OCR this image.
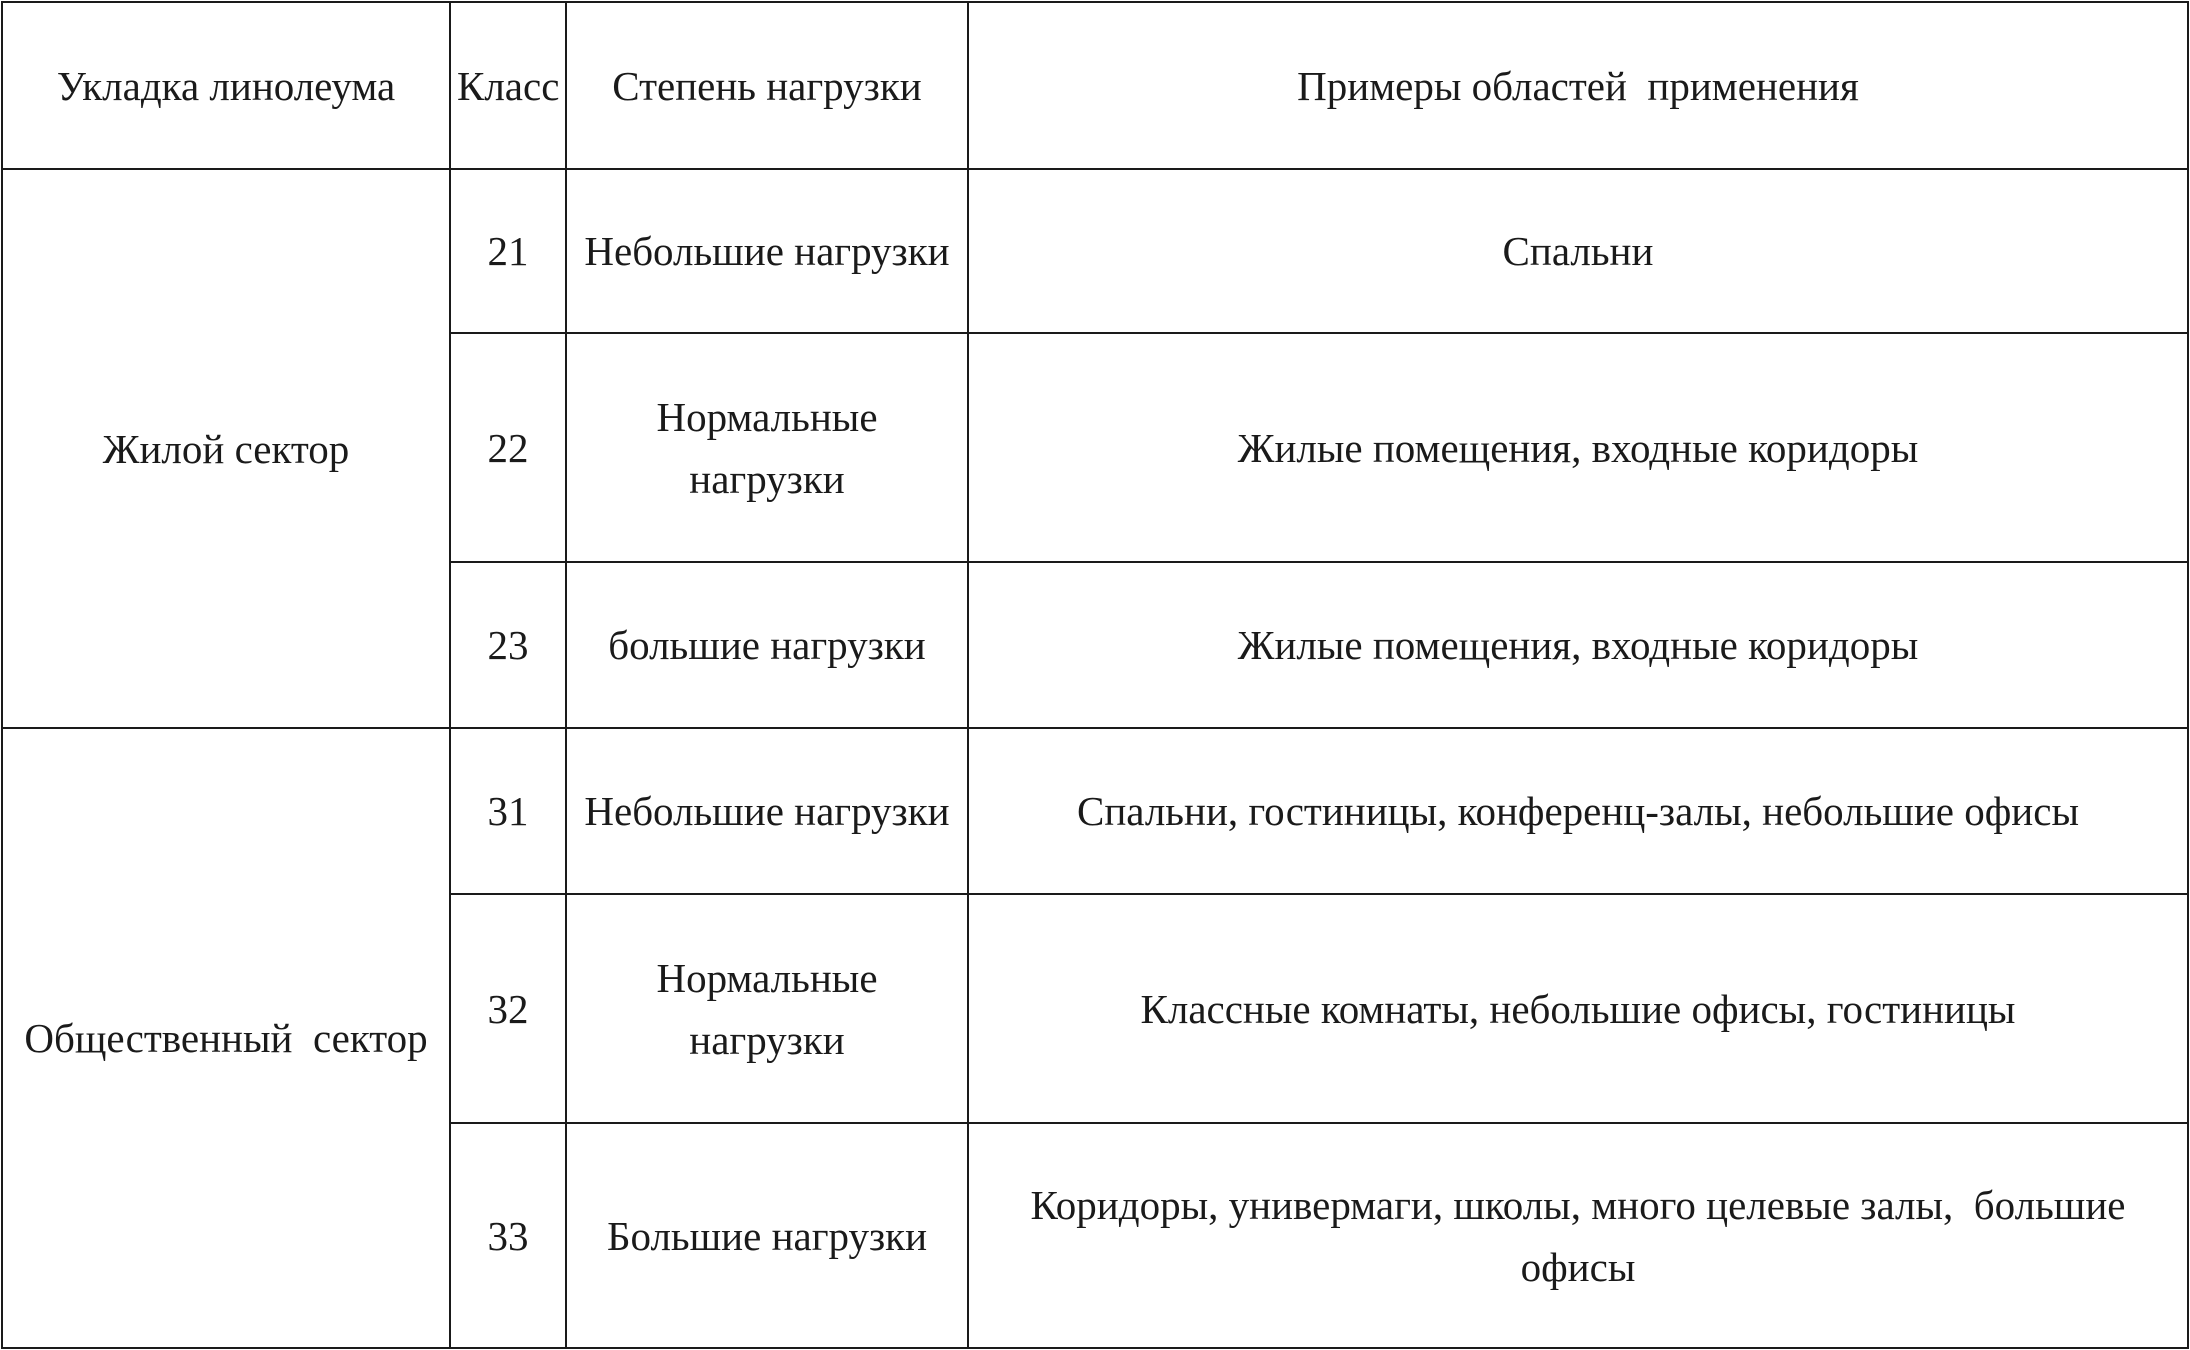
Укладка линолеума	Класс	Степень нагрузки	Примеры областей  применения
Жилой сектор	21	Небольшие нагрузки	Спальни
	22	Нормальные нагрузки	Жилые помещения, входные коридоры
	23	большие нагрузки	Жилые помещения, входные коридоры
Общественный  сектор	31	Небольшие нагрузки	Спальни, гостиницы, конференц-залы, небольшие офисы
	32	Нормальные нагрузки	Классные комнаты, небольшие офисы, гостиницы
	33	Большие нагрузки	Коридоры, универмаги, школы, много целевые залы,  большие офисы
